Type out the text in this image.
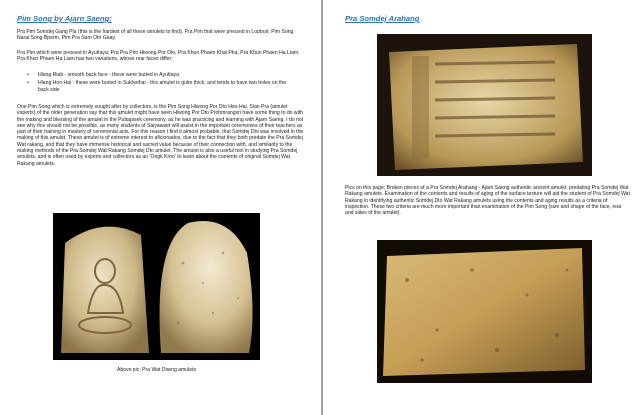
Pim Song by Ajarn Saeng;
Pra Pim Somdej Gang Pla (this is the hardest of all these amulets to find), Pra Pim that were pressed in Lopburi; Pim Song Narai Song Bperm, Pim Pra Sam Otri Gaay.
Pra Pim which were pressed in Ayuttaya; Pra Pra Pim Hlwong Por Dto, Pra Khun Phaen Khai Pha, Pra Khun Phaen Ha Liam. Pra Khun Phaen Ha Liam has two variations, whose rear faces differ;
• Hlang Riab - smooth back face - these were buried in Ayuttaya
• Hlang Hoo Hai - these were buried in Sukhothai - this amulet is quite thick, and tends to have two holes on the back side
One Pim Song which is extremely sought after by collectors, is the Pim Song Hlwong Por Dto Hoo Hai. Sian Pra (amulet experts) of the older generation say that this amulet might have seen Hlwong Por Dto Prohmrangsri have some thing to do with the making and blessing of the amulet in the Puttapisek ceremony, as he was practicing and learning with Ajarn Saeng. I do not see why this should not be possible, as many students of Saiyawaet will assist in the important ceremonies of their teachers as part of their training in mastery of ceremonial acts. For this reason I find it almost probable, that Somdej Dto was involved in the making of this amulet. These amulet is of extreme interest to aficionados, due to the fact that they both predate the Pra Somdej Wat rakang, and that they have immense historical and sacred value because of their connection with, and similarity to the making methods of the Pra Somdej Wat Rakang Somdej Dto amulet. The amulet is also a useful tool in studying Pra Somdej amulets, and is often used by experts and collectors as an 'Ongk Kroo' to learn about the contents of original Somdej Wat Rakang amulets.
Above pic; Pra Wat Doeng amulets
Pra Somdej Arahang
Pics on this page; Broken pieces of a Pra Somdej Arahang - Ajarn Saeng authentic ancient amulet, predating Pra Somdej Wat Rakang amulets. Examination of the contents and results of aging of the surface texture will aid the student of Pra Somdej Wat Rakang in identifying authentic Somdej Dto Wat Rakang amulets using the contents and aging results as a criteria of inspection. These two criteria are much more important than examination of the Pim Song (size and shape of the face, rear and sides of the amulet).
